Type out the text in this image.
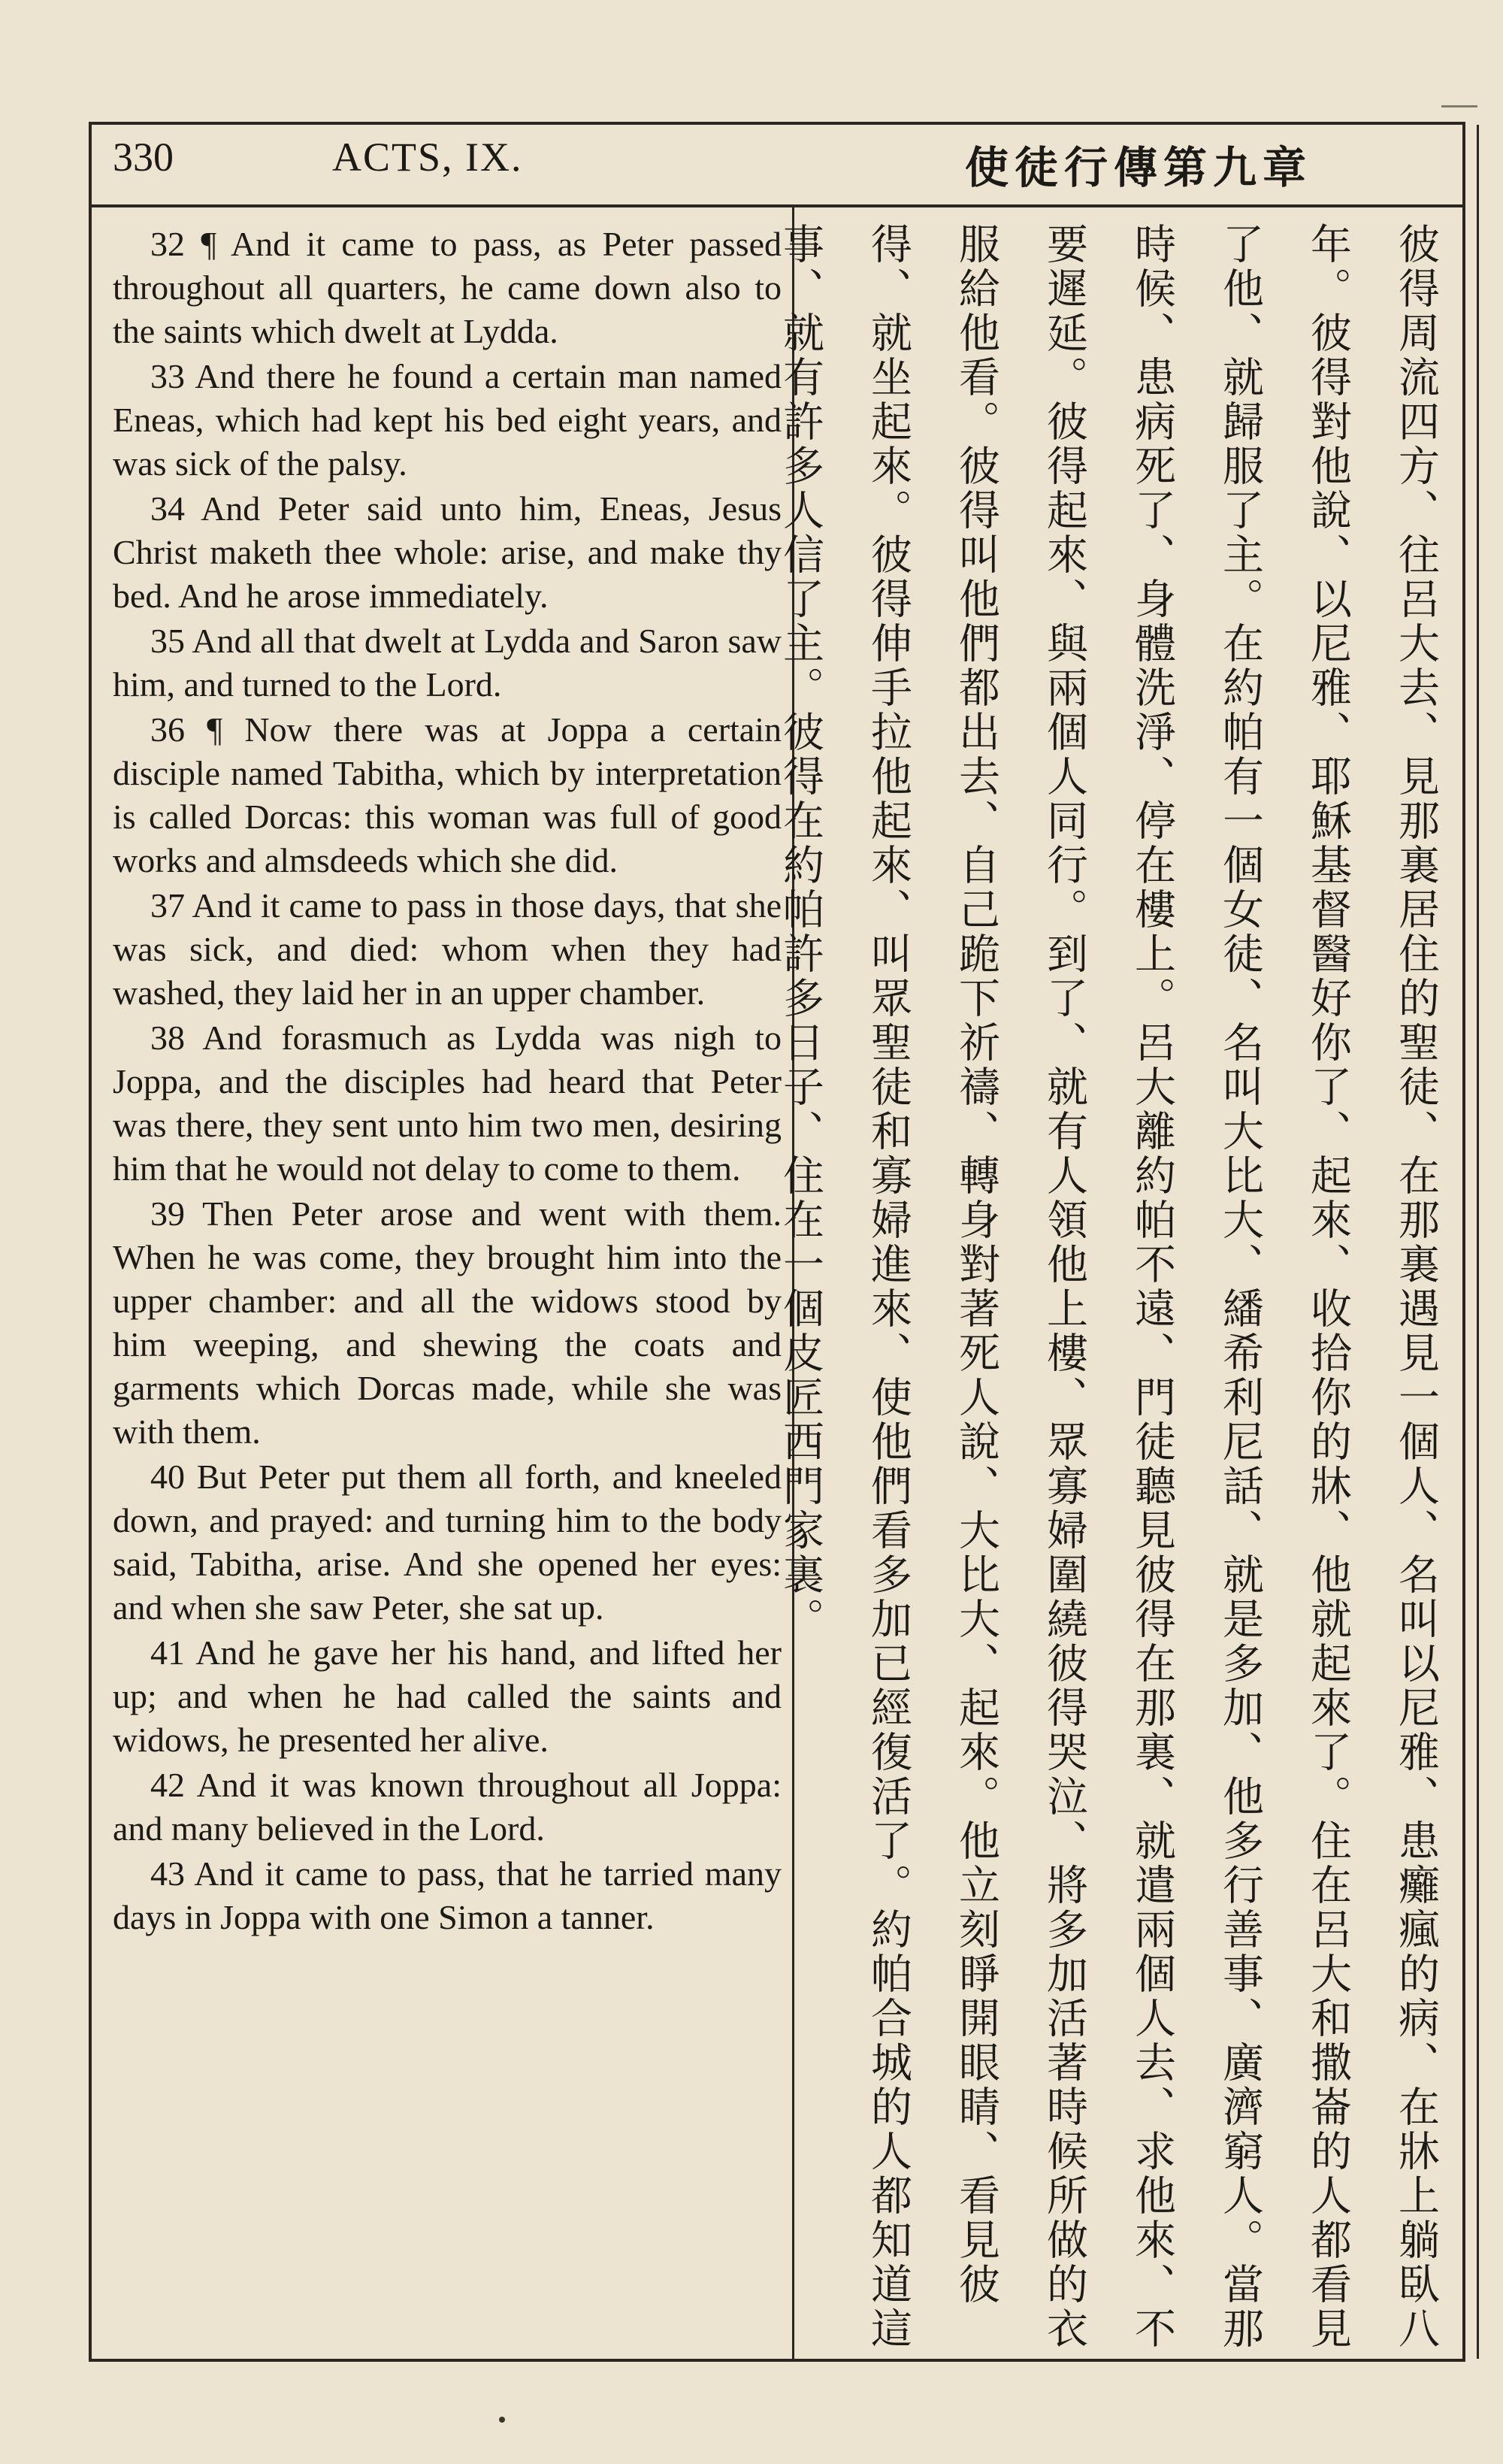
330	ACTS, IX.	使徒行傳第九章

32 ¶ And it came to pass, as Peter passed throughout all quarters, he came down also to the saints which dwelt at Lydda.

33 And there he found a certain man named Eneas, which had kept his bed eight years, and was sick of the palsy.

34 And Peter said unto him, Eneas, Jesus Christ maketh thee whole: arise, and make thy bed. And he arose immediately.

35 And all that dwelt at Lydda and Saron saw him, and turned to the Lord.

36 ¶ Now there was at Joppa a certain disciple named Tabitha, which by interpretation is called Dorcas: this woman was full of good works and almsdeeds which she did.

37 And it came to pass in those days, that she was sick, and died: whom when they had washed, they laid her in an upper chamber.

38 And forasmuch as Lydda was nigh to Joppa, and the disciples had heard that Peter was there, they sent unto him two men, desiring him that he would not delay to come to them.

39 Then Peter arose and went with them. When he was come, they brought him into the upper chamber: and all the widows stood by him weeping, and shewing the coats and garments which Dorcas made, while she was with them.

40 But Peter put them all forth, and kneeled down, and prayed: and turning him to the body said, Tabitha, arise. And she opened her eyes: and when she saw Peter, she sat up.

41 And he gave her his hand, and lifted her up; and when he had called the saints and widows, he presented her alive.

42 And it was known throughout all Joppa: and many believed in the Lord.

43 And it came to pass, that he tarried many days in Joppa with one Simon a tanner.	彼得周流四方、往呂大去、見那裏居住的聖徒、在那裏遇見一個人、名叫以尼雅、患癱瘋的病、在牀上躺臥八年。彼得對他說、以尼雅、耶穌基督醫好你了、起來、收拾你的牀、他就起來了。住在呂大和撒崙的人都看見了他、就歸服了主。在約帕有一個女徒、名叫大比大、繙希利尼話、就是多加、他多行善事、廣濟窮人。當那時候、患病死了、身體洗淨、停在樓上。呂大離約帕不遠、門徒聽見彼得在那裏、就遣兩個人去、求他來、不要遲延。彼得起來、與兩個人同行。到了、就有人領他上樓、眾寡婦圍繞彼得哭泣、將多加活著時候所做的衣服給他看。彼得叫他們都出去、自己跪下祈禱、轉身對著死人說、大比大、起來。他立刻睜開眼睛、看見彼得、就坐起來。彼得伸手拉他起來、叫眾聖徒和寡婦進來、使他們看多加已經復活了。約帕合城的人都知道這事、就有許多人信了主。彼得在約帕許多日子、住在一個皮匠西門家裏。
